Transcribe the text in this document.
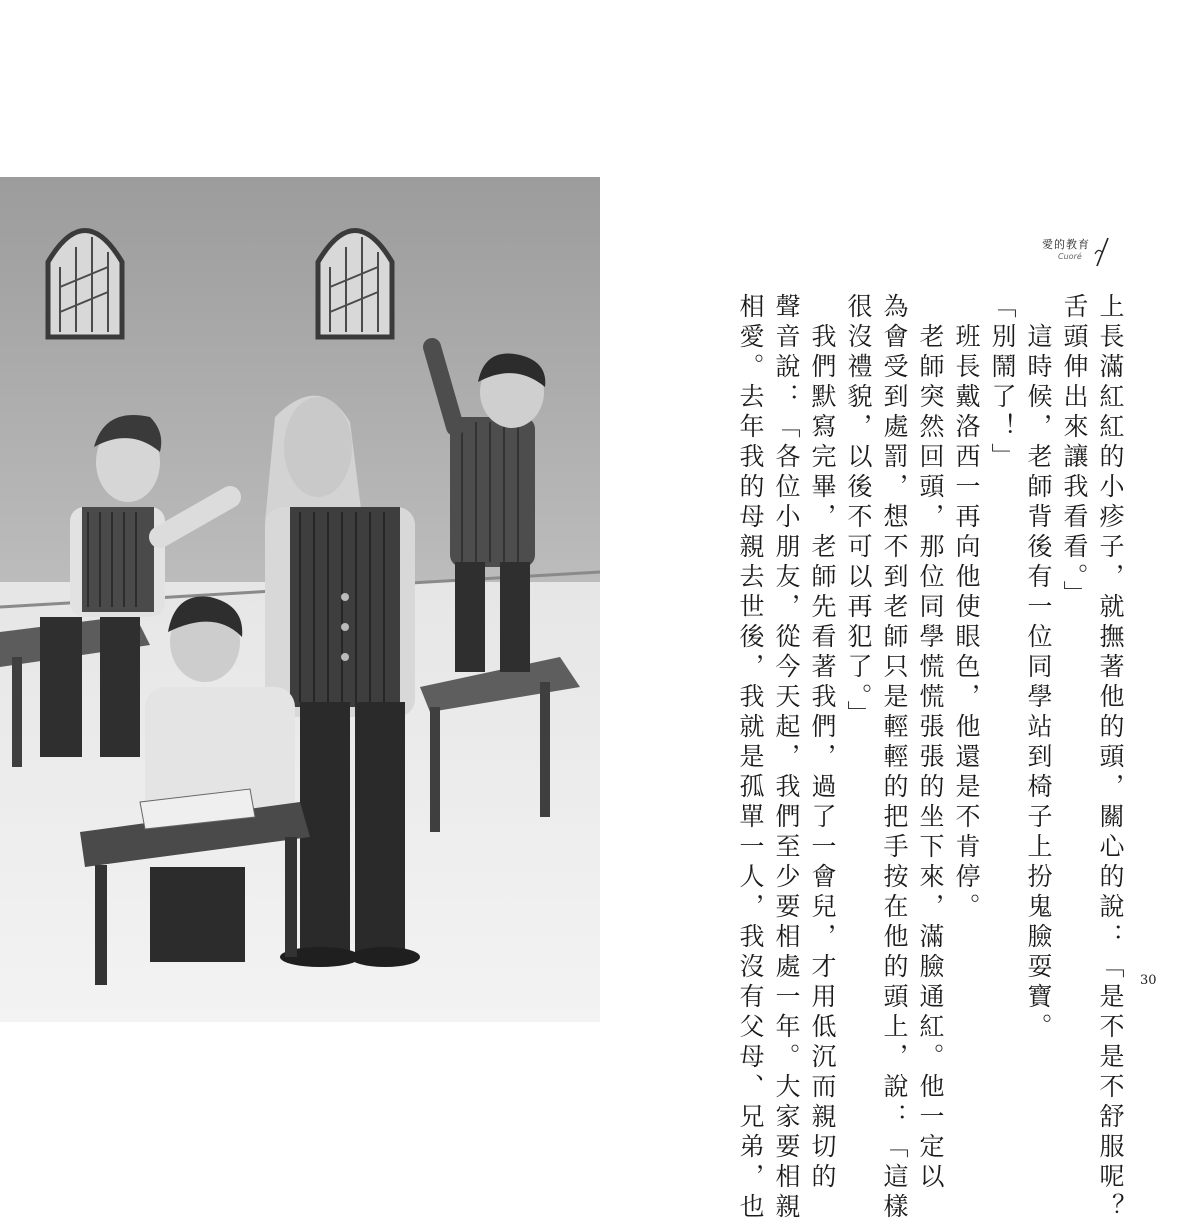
愛的教育
Cuoré
上長滿紅紅的小疹子，就撫著他的頭，關心的說：「是不是不舒服呢？
舌頭伸出來讓我看看。」
　這時候，老師背後有一位同學站到椅子上扮鬼臉耍寶。
「別鬧了！」
　班長戴洛西一再向他使眼色，他還是不肯停。
　老師突然回頭，那位同學慌慌張張的坐下來，滿臉通紅。他一定以
為會受到處罰，想不到老師只是輕輕的把手按在他的頭上，說：「這樣
很沒禮貌，以後不可以再犯了。」
　我們默寫完畢，老師先看著我們，過了一會兒，才用低沉而親切的
聲音說：「各位小朋友，從今天起，我們至少要相處一年。大家要相親
相愛。去年我的母親去世後，我就是孤單一人，我沒有父母、兄弟，也	30
